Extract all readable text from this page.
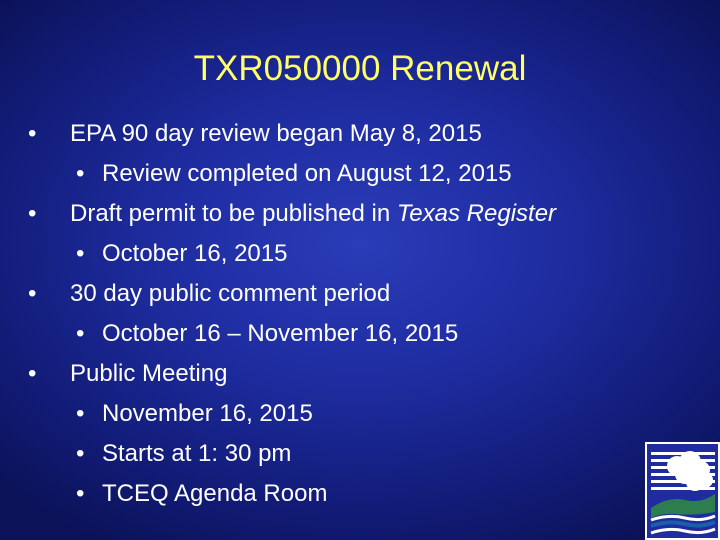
TXR050000 Renewal
• EPA 90 day review began May 8, 2015
• Review completed on August 12, 2015
• Draft permit to be published in Texas Register
• October 16, 2015
• 30 day public comment period
• October 16 – November 16, 2015
• Public Meeting
• November 16, 2015
• Starts at 1: 30 pm
• TCEQ Agenda Room
